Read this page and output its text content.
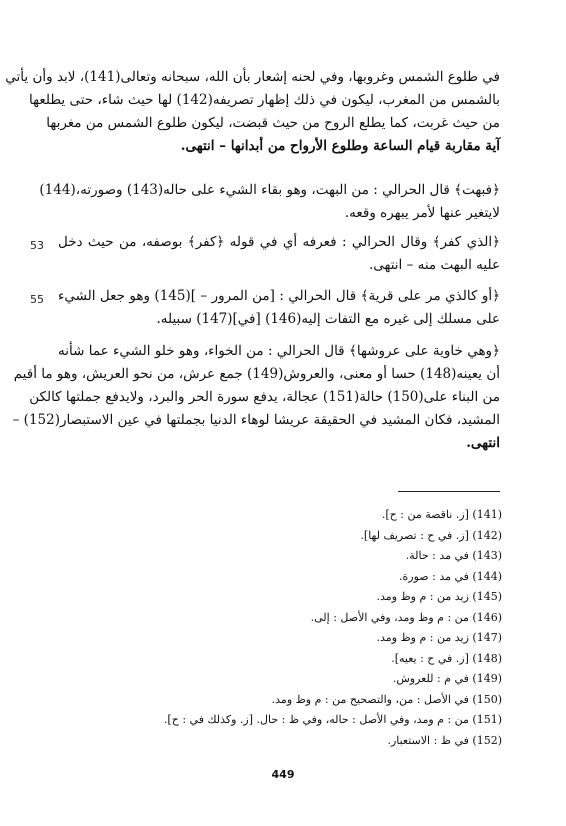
في طلوع الشمس وغروبها، وفي لحنه إشعار بأن الله، سبحانه وتعالى(141)، لابد وأن يأتي
بالشمس من المغرب، ليكون في ذلك إظهار تصريفه(142) لها حيث شاء، حتى يطلعها
من حيث غربت، كما يطلع الروح من حيث قبضت، ليكون طلوع الشمس من مغربها
آية مقاربة قيام الساعة وطلوع الأرواح من أبدانها – انتهى.
﴿فبهت﴾ قال الحرالي : من البهت، وهو بقاء الشيء على حاله(143) وصورته،(144)
لايتغير عنها لأمر يبهره وقعه.
53 ﴿الذي كفر﴾ وقال الحرالي : فعرفه أي في قوله ﴿كفر﴾ بوصفه، من حيث دخل
عليه البهت منه – انتهى.
55 ﴿أو كالذي مر على قرية﴾ قال الحرالي : [من المرور – ](145) وهو جعل الشيء
على مسلك إلى غيره مع التفات إليه(146) [في](147) سبيله.
﴿وهي خاوية على عروشها﴾ قال الحرالي : من الخواء، وهو خلو الشيء عما شأنه
أن يعينه(148) حسا أو معنى، والعروش(149) جمع عرش، من نحو العريش، وهو ما أقيم
من البناء على(150) حالة(151) عجالة، يدفع سورة الحر والبرد، ولايدفع جملتها كالكن
المشيد، فكان المشيد في الحقيقة عريشا لوهاء الدنيا بجملتها في عين الاستبصار(152) –
انتهى.
(141) [ز. ناقصة من : ح].
(142) [ز. في ح : تصريف لها].
(143) في مد : حالة.
(144) في مد : صورة.
(145) زيد من : م وظ ومد.
(146) من : م وظ ومد، وفي الأصل : إلى.
(147) زيد من : م وظ ومد.
(148) [ز. في ح : يعيه].
(149) في م : للعروش.
(150) في الأصل : من، والتصحيح من : م وظ ومد.
(151) من : م ومد، وفي الأصل : حاله، وفي ظ : حال. [ز. وكذلك في : ح].
(152) في ظ : الاستعبار.
449
